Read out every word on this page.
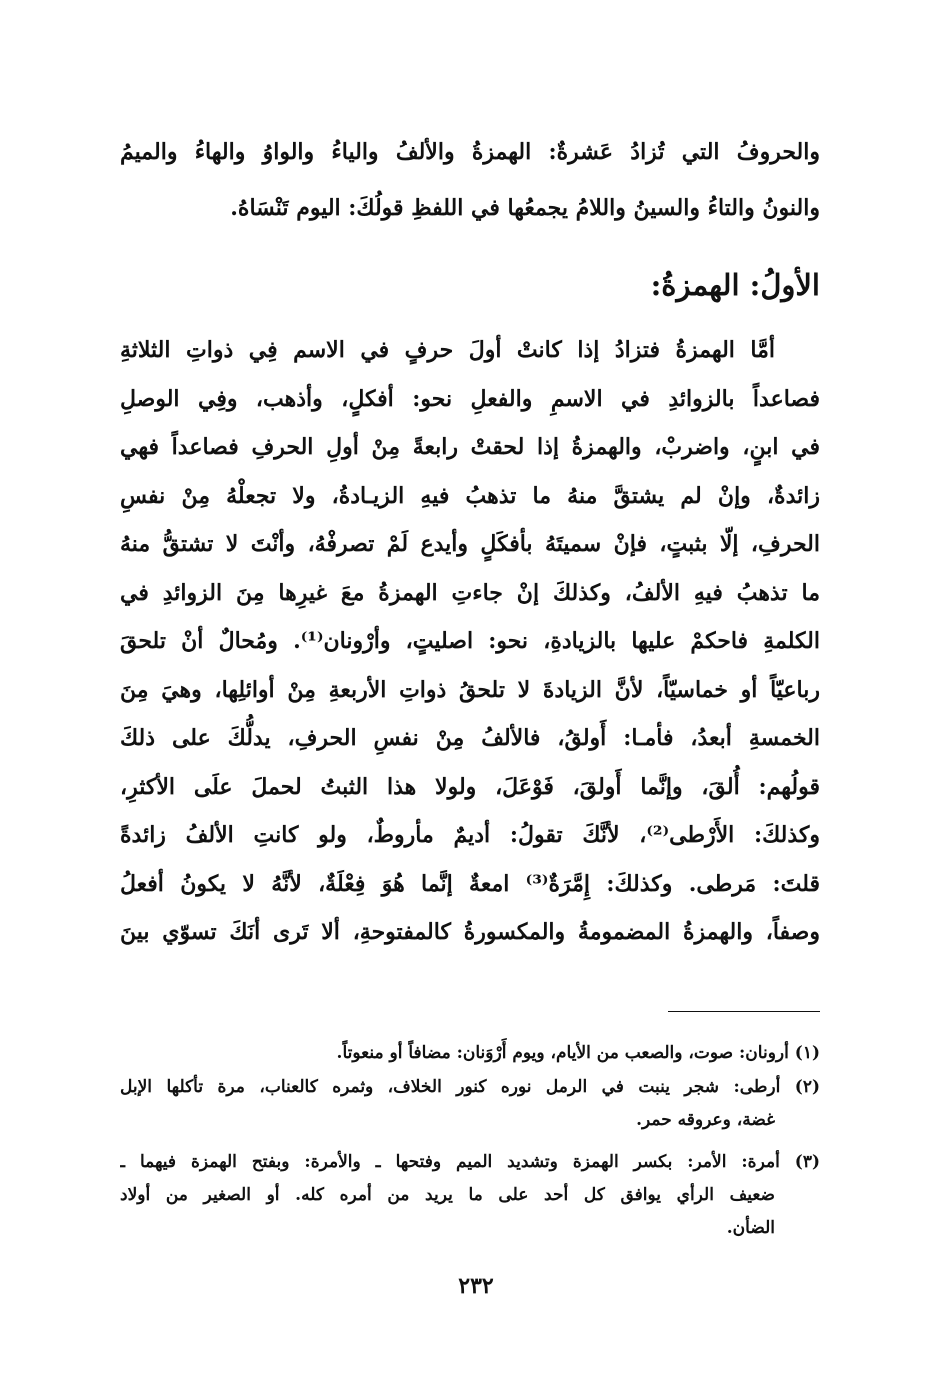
والحروفُ التي تُزادُ عَشرةٌ: الهمزةُ والألفُ والياءُ والواوُ والهاءُ والميمُ
والنونُ والتاءُ والسينُ واللامُ يجمعُها في اللفظِ قولُكَ: اليوم تَنْسَاهُ.
الأولُ: الهمزةُ:
أمَّا الهمزةُ فتزادُ إذا كانتْ أولَ حرفٍ في الاسم فِي ذواتِ الثلاثةِ
فصاعداً بالزوائدِ في الاسمِ والفعلِ نحو: أفكلٍ، وأذهب، وفِي الوصلِ
في ابنٍ، واضربْ، والهمزةُ إذا لحقتْ رابعةً مِنْ أولِ الحرفِ فصاعداً فهي
زائدةٌ، وإنْ لم يشتقَّ منهُ ما تذهبُ فيهِ الزيـادةُ، ولا تجعلْهُ مِنْ نفسِ
الحرفِ، إلّا بثبتٍ، فإنْ سميتَهُ بأفكَلٍ وأيدع لَمْ تصرفْهُ، وأنْتَ لا تشتقُّ منهُ
ما تذهبُ فيهِ الألفُ، وكذلكَ إنْ جاءتِ الهمزةُ معَ غيرِها مِنَ الزوائدِ في
الكلمةِ فاحكمْ عليها بالزيادةِ، نحو: اصليتٍ، وأرْونان⁽¹⁾. ومُحالٌ أنْ تلحقَ
رباعيّاً أو خماسيّاً، لأنَّ الزيادةَ لا تلحقُ ذواتِ الأربعةِ مِنْ أوائلِها، وهيَ مِنَ
الخمسةِ أبعدُ، فأمـا: أَولقُ، فالألفُ مِنْ نفسِ الحرفِ، يدلُّكَ على ذلكَ
قولُهم: أُلقَ، وإنَّما أَولقَ، فَوْعَلَ، ولولا هذا الثبتُ لحملَ علَى الأكثرِ،
وكذلكَ: الأَرْطى⁽²⁾، لأنَّكَ تقولُ: أديمٌ مأروطٌ، ولو كانتِ الألفُ زائدةً
قلتَ: مَرطى. وكذلكَ: إِمَّرَةٌ⁽³⁾ امعةٌ إنَّما هُوَ فِعْلَةٌ، لأنَّهُ لا يكونُ أفعلُ
وصفاً، والهمزةُ المضمومةُ والمكسورةُ كالمفتوحةِ، ألا تَرى أنَكَ تسوّي بينَ
(١) أرونان: صوت، والصعب من الأيام، ويوم أَرْوَنان: مضافاً أو منعوتاً.
(٢) أرطى: شجر ينبت في الرمل نوره كنور الخلاف، وثمره كالعناب، مرة تأكلها الإبل
غضة، وعروقه حمر.
(٣) أمرة: الأمر: بكسر الهمزة وتشديد الميم وفتحها ـ والأمرة: وبفتح الهمزة فيهما ـ
ضعيف الرأي يوافق كل أحد على ما يريد من أمره كله. أو الصغير من أولاد
الضأن.
٢٣٢
